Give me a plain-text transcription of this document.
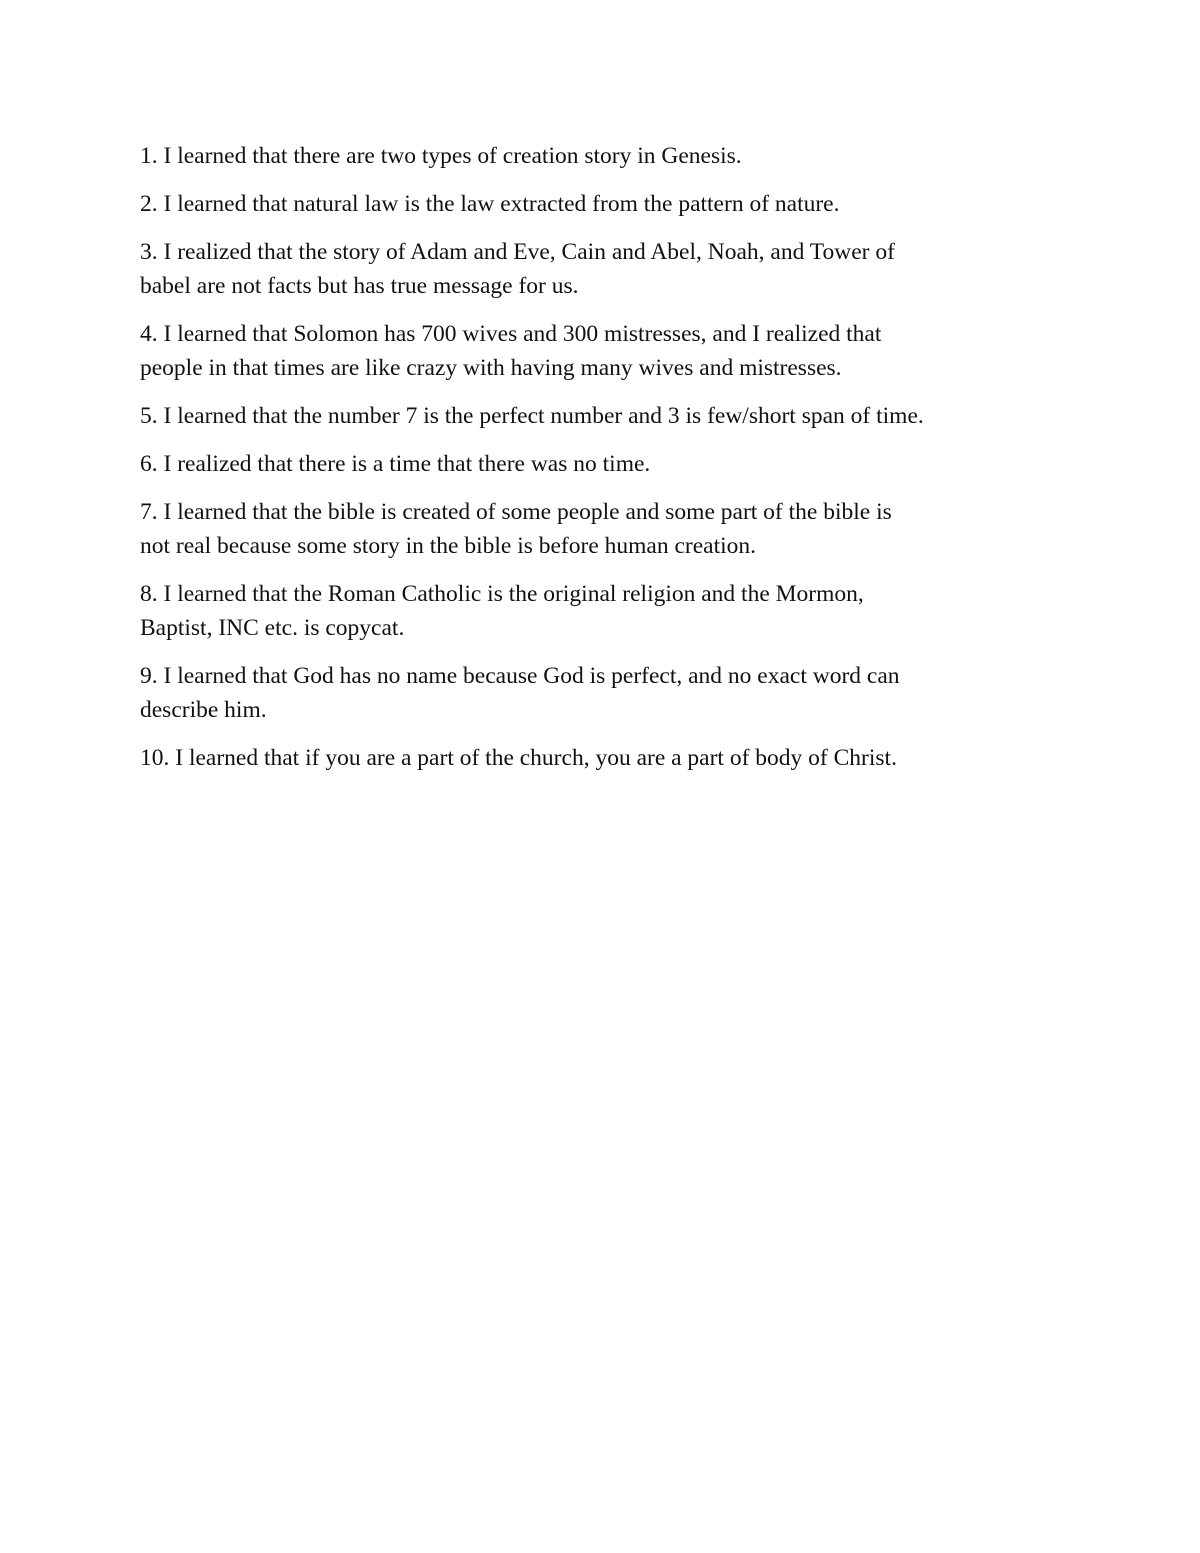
1. I learned that there are two types of creation story in Genesis.

2. I learned that natural law is the law extracted from the pattern of nature.

3. I realized that the story of Adam and Eve, Cain and Abel, Noah, and Tower of
babel are not facts but has true message for us.

4. I learned that Solomon has 700 wives and 300 mistresses, and I realized that
people in that times are like crazy with having many wives and mistresses.

5. I learned that the number 7 is the perfect number and 3 is few/short span of time.

6. I realized that there is a time that there was no time.

7. I learned that the bible is created of some people and some part of the bible is
not real because some story in the bible is before human creation.

8. I learned that the Roman Catholic is the original religion and the Mormon,
Baptist, INC etc. is copycat.

9. I learned that God has no name because God is perfect, and no exact word can
describe him.

10. I learned that if you are a part of the church, you are a part of body of Christ.
